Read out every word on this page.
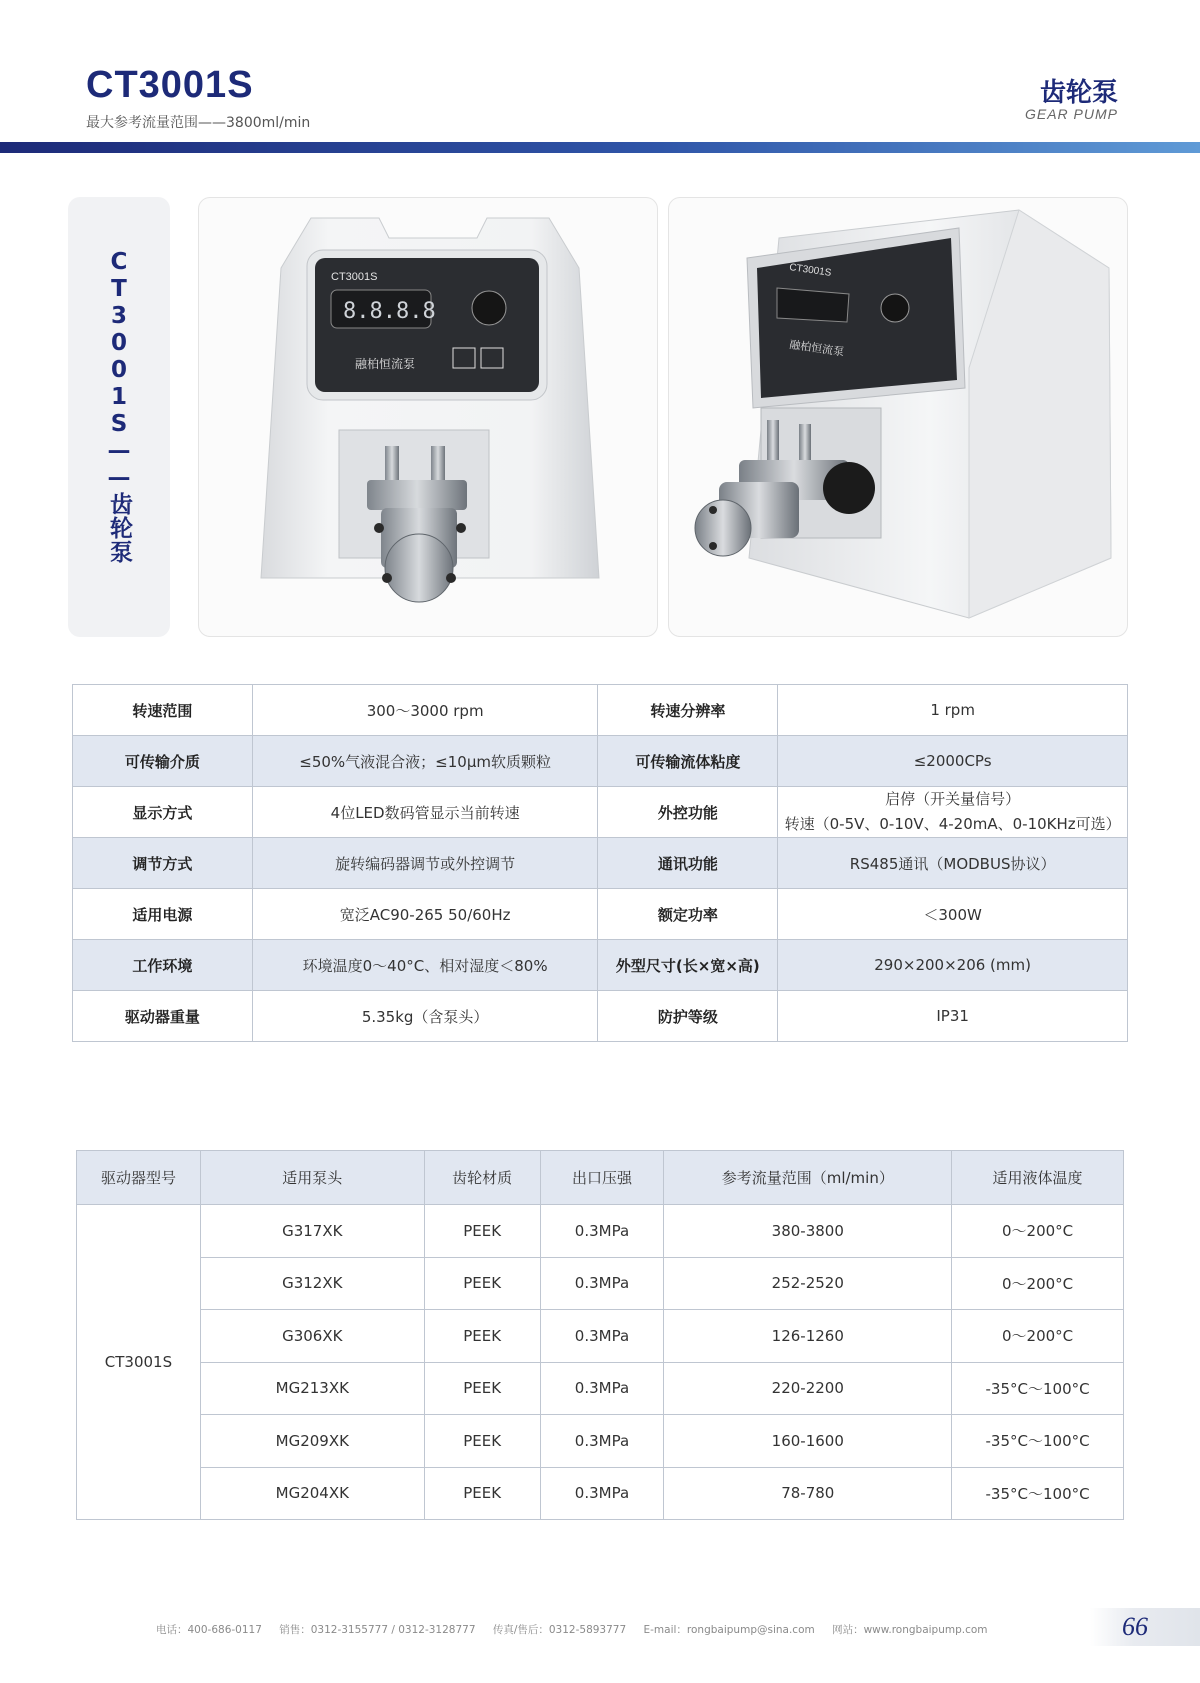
CT3001S
最大参考流量范围——3800ml/min
齿轮泵
GEAR PUMP
CT3001S——齿轮泵	CT3001S
8.8.8.8
融柏恒流泵
CT3001S
融柏恒流泵
转速范围	300～3000 rpm	转速分辨率	1 rpm
可传输介质	≤50%气液混合液；≤10μm软质颗粒	可传输流体粘度	≤2000CPs
显示方式	4位LED数码管显示当前转速	外控功能	启停（开关量信号）
转速（0-5V、0-10V、4-20mA、0-10KHz可选）

调节方式	旋转编码器调节或外控调节	通讯功能	RS485通讯（MODBUS协议）
适用电源	宽泛AC90-265 50/60Hz	额定功率	＜300W
工作环境	环境温度0～40°C、相对湿度＜80%	外型尺寸(长×宽×高)	290×200×206 (mm)
驱动器重量	5.35kg（含泵头）	防护等级	IP31
驱动器型号	适用泵头	齿轮材质	出口压强	参考流量范围（ml/min）	适用液体温度
CT3001S	G317XK	PEEK	0.3MPa	380-3800	0～200°C
	G312XK	PEEK	0.3MPa	252-2520	0～200°C
	G306XK	PEEK	0.3MPa	126-1260	0～200°C
	MG213XK	PEEK	0.3MPa	220-2200	-35°C～100°C
	MG209XK	PEEK	0.3MPa	160-1600	-35°C～100°C
	MG204XK	PEEK	0.3MPa	78-780	-35°C～100°C
电话：400-686-0117 销售：0312-3155777 / 0312-3128777 传真/售后：0312-5893777 E-mail：rongbaipump@sina.com 网站：www.rongbaipump.com	66
